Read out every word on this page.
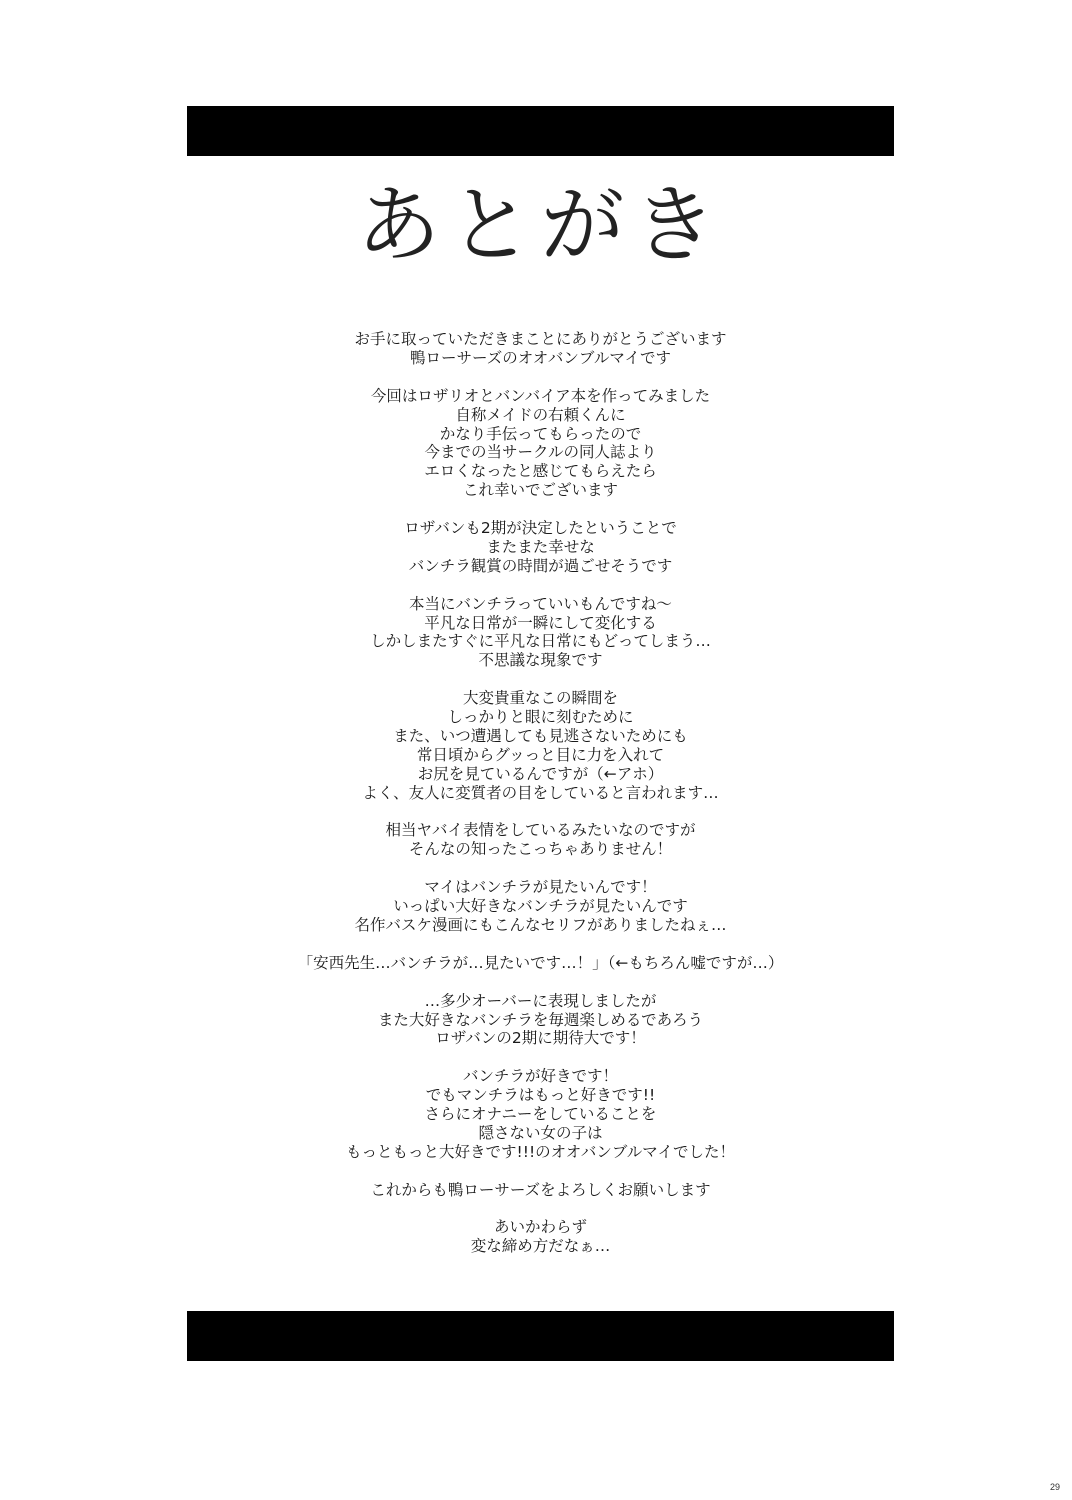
あとがき
お手に取っていただきまことにありがとうございます
鴨ローサーズのオオバンブルマイです
今回はロザリオとバンバイア本を作ってみました
自称メイドの右頼くんに
かなり手伝ってもらったので
今までの当サークルの同人誌より
エロくなったと感じてもらえたら
これ幸いでございます
ロザバンも2期が決定したということで
またまた幸せな
バンチラ観賞の時間が過ごせそうです
本当にバンチラっていいもんですね～
平凡な日常が一瞬にして変化する
しかしまたすぐに平凡な日常にもどってしまう…
不思議な現象です
大変貴重なこの瞬間を
しっかりと眼に刻むために
また、いつ遭遇しても見逃さないためにも
常日頃からグッっと目に力を入れて
お尻を見ているんですが（←アホ）
よく、友人に変質者の目をしていると言われます…
相当ヤバイ表情をしているみたいなのですが
そんなの知ったこっちゃありません！
マイはバンチラが見たいんです！
いっぱい大好きなバンチラが見たいんです
名作バスケ漫画にもこんなセリフがありましたねぇ…
「安西先生…バンチラが…見たいです…！」（←もちろん嘘ですが…）
…多少オーバーに表現しましたが
また大好きなバンチラを毎週楽しめるであろう
ロザバンの2期に期待大です！
バンチラが好きです！
でもマンチラはもっと好きです!!
さらにオナニーをしていることを
隠さない女の子は
もっともっと大好きです!!!のオオバンブルマイでした！
これからも鴨ローサーズをよろしくお願いします
あいかわらず
変な締め方だなぁ…
29
